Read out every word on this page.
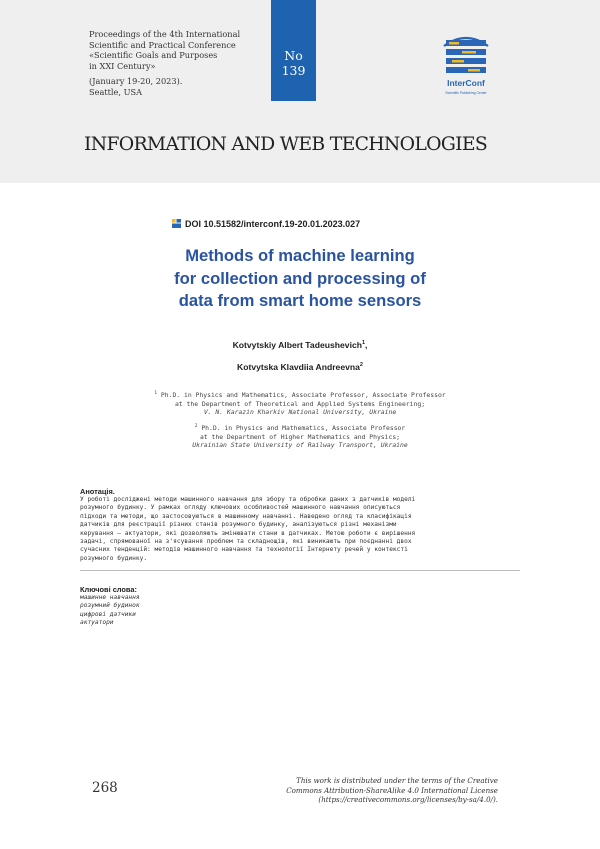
Proceedings of the 4th International
Scientific and Practical Conference
«Scientific Goals and Purposes
in XXI Century»
(January 19-20, 2023).
Seattle, USA
No
139
InterConf
Scientific Publishing Center
INFORMATION AND WEB TECHNOLOGIES
DOI 10.51582/interconf.19-20.01.2023.027
Methods of machine learning
for collection and processing of
data from smart home sensors
Kotvytskiy Albert Tadeushevich$^1$,
Kotvytska Klavdiia Andreevna$^2$
$^1$ Ph.D. in Physics and Mathematics, Associate Professor, Associate Professor
at the Department of Theoretical and Applied Systems Engineering;
V. N. Karazin Kharkiv National University, Ukraine
$^2$ Ph.D. in Physics and Mathematics, Associate Professor
at the Department of Higher Mathematics and Physics;
Ukrainian State University of Railway Transport, Ukraine
Анотація.
У роботі досліджені методи машинного навчання для збору та обробки даних з датчиків моделі
розумного будинку. У рамках огляду ключових особливостей машинного навчання описуються
підходи та методи, що застосовуються в машинному навчанні. Наведено огляд та класифікація
датчиків для реєстрації різних станів розумного будинку, аналізуються різні механізми
керування – актуатори, які дозволяють змінювати стани в датчиках. Метою роботи є вирішення
задачі, спрямованої на з'ясування проблем та складнощів, які виникають при поєднанні двох
сучасних тенденцій: методів машинного навчання та технології Інтернету речей у контексті
розумного будинку.
Ключові слова:
машинне навчання
розумний будинок
цифрові датчики
актуатори
268	This work is distributed under the terms of the Creative
Commons Attribution-ShareAlike 4.0 International License
(https://creativecommons.org/licenses/by-sa/4.0/).
